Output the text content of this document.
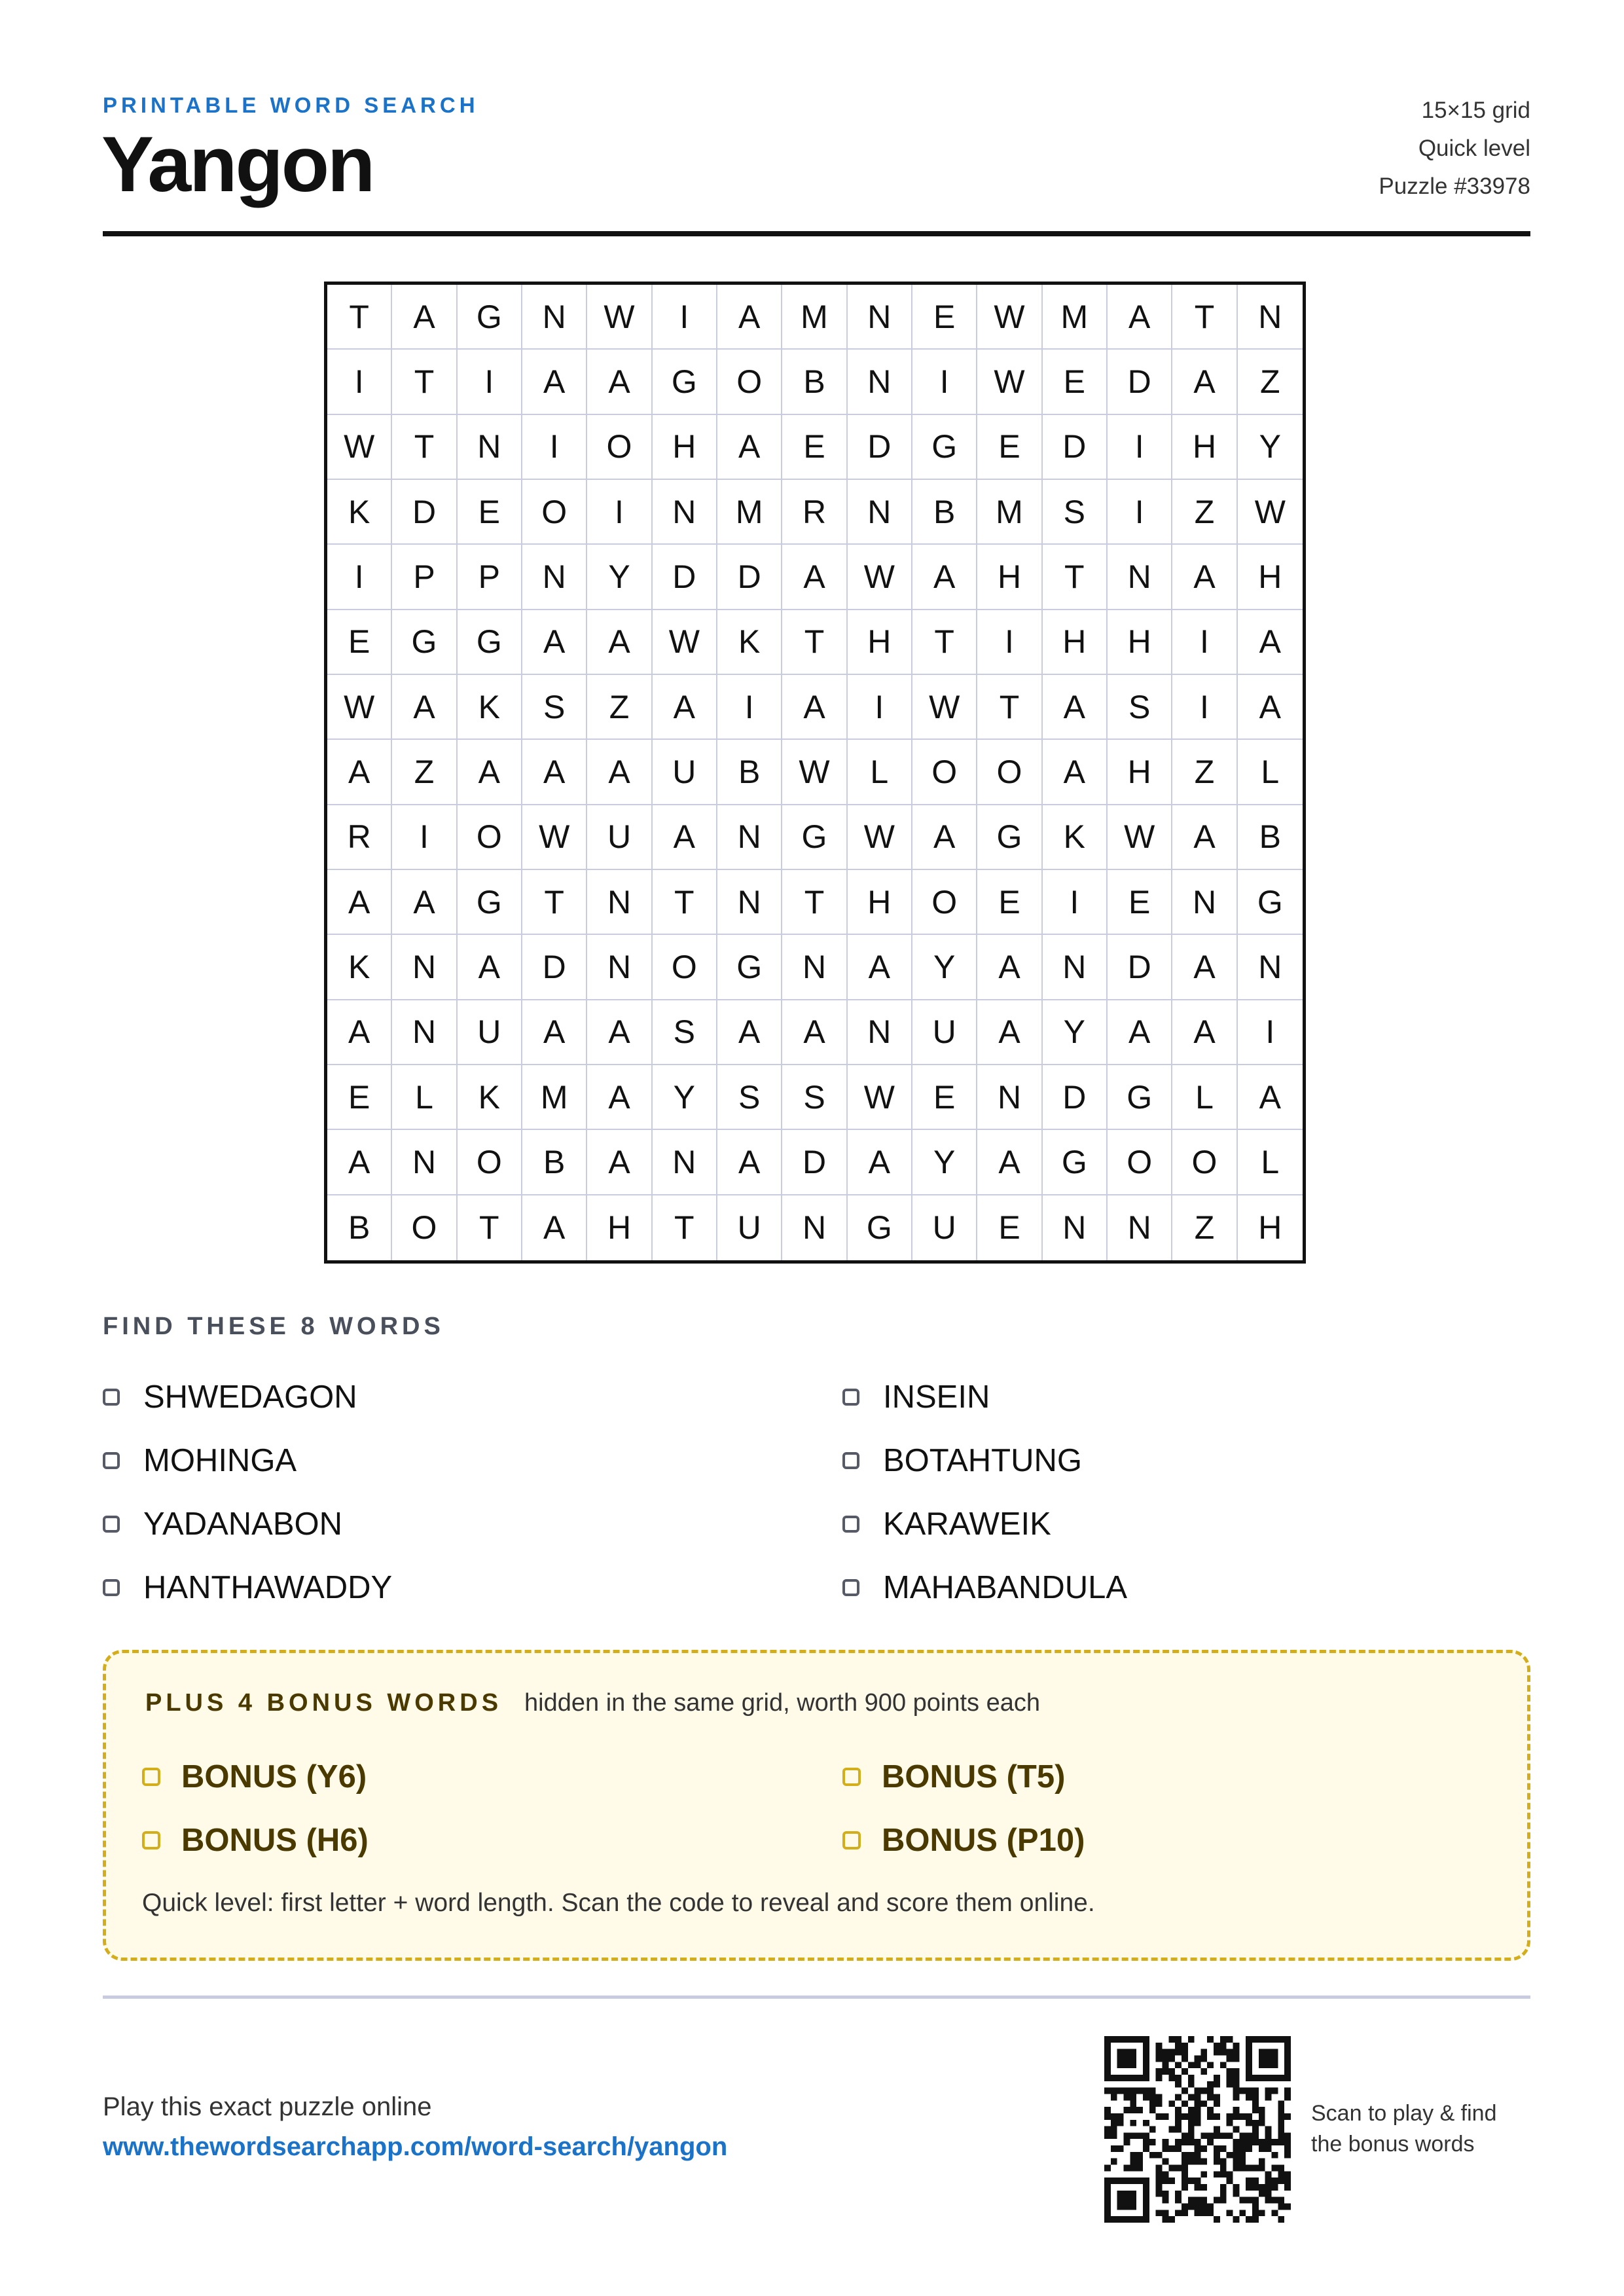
PRINTABLE WORD SEARCH
Yangon
15×15 grid
Quick level
Puzzle #33978
T	A	G	N	W	I	A	M	N	E	W	M	A	T	N
I	T	I	A	A	G	O	B	N	I	W	E	D	A	Z
W	T	N	I	O	H	A	E	D	G	E	D	I	H	Y
K	D	E	O	I	N	M	R	N	B	M	S	I	Z	W
I	P	P	N	Y	D	D	A	W	A	H	T	N	A	H
E	G	G	A	A	W	K	T	H	T	I	H	H	I	A
W	A	K	S	Z	A	I	A	I	W	T	A	S	I	A
A	Z	A	A	A	U	B	W	L	O	O	A	H	Z	L
R	I	O	W	U	A	N	G	W	A	G	K	W	A	B
A	A	G	T	N	T	N	T	H	O	E	I	E	N	G
K	N	A	D	N	O	G	N	A	Y	A	N	D	A	N
A	N	U	A	A	S	A	A	N	U	A	Y	A	A	I
E	L	K	M	A	Y	S	S	W	E	N	D	G	L	A
A	N	O	B	A	N	A	D	A	Y	A	G	O	O	L
B	O	T	A	H	T	U	N	G	U	E	N	N	Z	H
FIND THESE 8 WORDS
SHWEDAGON	INSEIN
MOHINGA	BOTAHTUNG
YADANABON	KARAWEIK
HANTHAWADDY	MAHABANDULA
PLUS 4 BONUS WORDS hidden in the same grid, worth 900 points each
BONUS (Y6)	BONUS (T5)
BONUS (H6)	BONUS (P10)
Quick level: first letter + word length. Scan the code to reveal and score them online.
Play this exact puzzle online
www.thewordsearchapp.com/word-search/yangon
Scan to play & find
the bonus words
